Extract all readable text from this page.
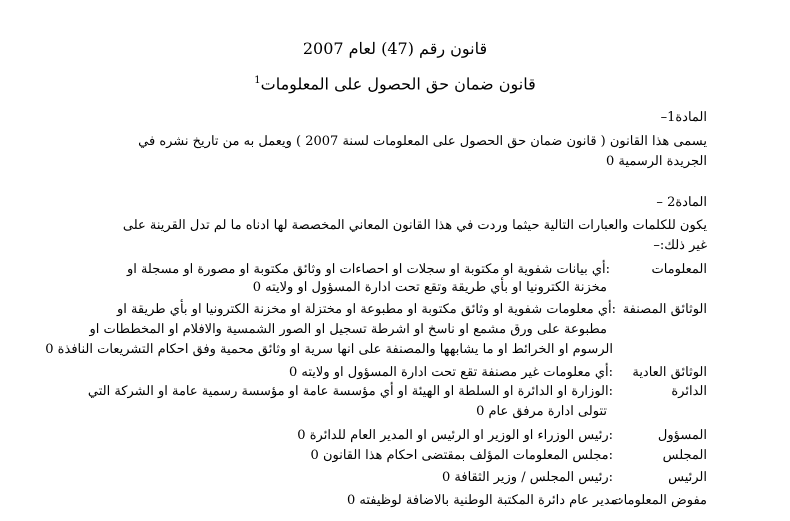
قانون رقم (47) لعام 2007
قانون ضمان حق الحصول على المعلومات$^1$
المادة1–
يسمى هذا القانون ( قانون ضمان حق الحصول على المعلومات لسنة 2007 ) ويعمل به من تاريخ نشره في
الجريدة الرسمية 0
المادة2 –
يكون للكلمات والعبارات التالية حيثما وردت في هذا القانون المعاني المخصصة لها ادناه ما لم تدل القرينة على
غير ذلك:–
المعلومات
:أي بيانات شفوية او مكتوبة او سجلات او احصاءات او وثائق مكتوبة او مصورة او مسجلة او
مخزنة الكترونيا او بأي طريقة وتقع تحت ادارة المسؤول او ولايته 0
الوثائق المصنفة
:أي معلومات شفوية او وثائق مكتوبة او مطبوعة او مختزلة او مخزنة الكترونيا او بأي طريقة او
مطبوعة على ورق مشمع او ناسخ او اشرطة تسجيل او الصور الشمسية والافلام او المخططات او
الرسوم او الخرائط او ما يشابهها والمصنفة على انها سرية او وثائق محمية وفق احكام التشريعات النافذة 0
الوثائق العادية
:أي معلومات غير مصنفة تقع تحت ادارة المسؤول او ولايته 0
الدائرة
:الوزارة او الدائرة او السلطة او الهيئة او أي مؤسسة عامة او مؤسسة رسمية عامة او الشركة التي
تتولى ادارة مرفق عام 0
المسؤول
:رئيس الوزراء او الوزير او الرئيس او المدير العام للدائرة 0
المجلس
:مجلس المعلومات المؤلف بمقتضى احكام هذا القانون 0
الرئيس
:رئيس المجلس / وزير الثقافة 0
مفوض المعلومات
:مدير عام دائرة المكتبة الوطنية بالاضافة لوظيفته 0
